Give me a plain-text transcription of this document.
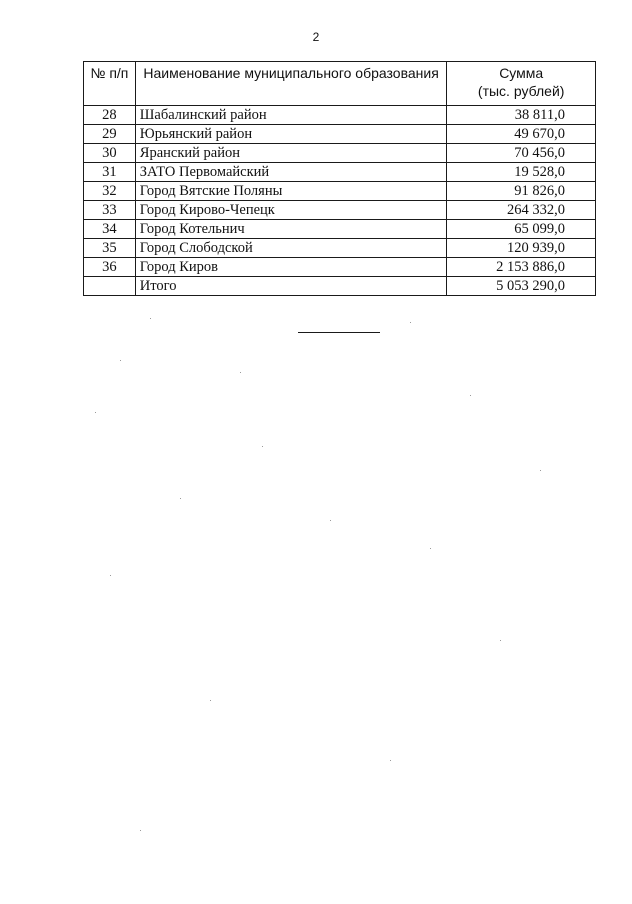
2
№ п/п	Наименование муниципального образования	Сумма
(тыс. рублей)

28	Шабалинский район	38 811,0
29	Юрьянский район	49 670,0
30	Яранский район	70 456,0
31	ЗАТО Первомайский	19 528,0
32	Город Вятские Поляны	91 826,0
33	Город Кирово-Чепецк	264 332,0
34	Город Котельнич	65 099,0
35	Город Слободской	120 939,0
36	Город Киров	2 153 886,0
	Итого	5 053 290,0
